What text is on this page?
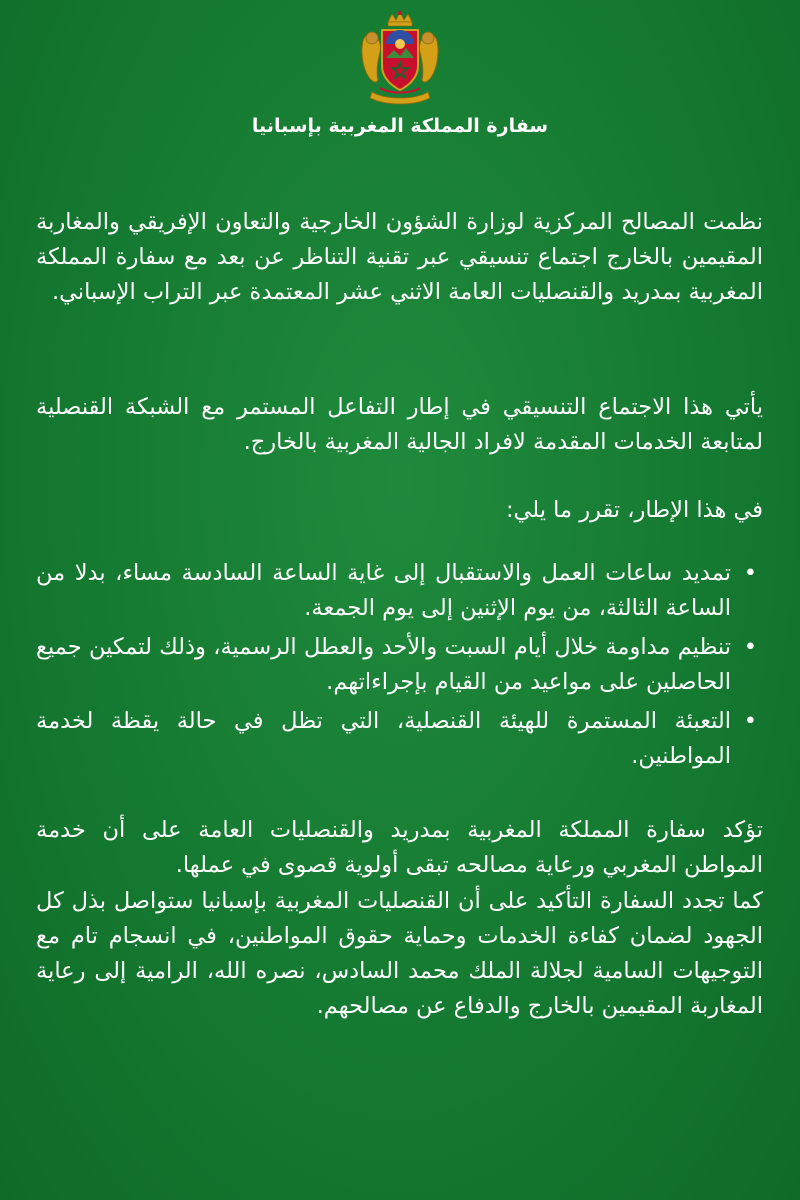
سفارة المملكة المغربية بإسبانيا

نظمت المصالح المركزية لوزارة الشؤون الخارجية والتعاون الإفريقي والمغاربة المقيمين بالخارج اجتماع تنسيقي عبر تقنية التناظر عن بعد مع سفارة المملكة المغربية بمدريد والقنصليات العامة الاثني عشر المعتمدة عبر التراب الإسباني.

يأتي هذا الاجتماع التنسيقي في إطار التفاعل المستمر مع الشبكة القنصلية لمتابعة الخدمات المقدمة لافراد الجالية المغربية بالخارج.

في هذا الإطار، تقرر ما يلي:

•
تمديد ساعات العمل والاستقبال إلى غاية الساعة السادسة مساء، بدلا من الساعة الثالثة، من يوم الإثنين إلى يوم الجمعة.
•
تنظيم مداومة خلال أيام السبت والأحد والعطل الرسمية، وذلك لتمكين جميع الحاصلين على مواعيد من القيام بإجراءاتهم.
•
التعبئة المستمرة للهيئة القنصلية، التي تظل في حالة يقظة لخدمة المواطنين.

تؤكد سفارة المملكة المغربية بمدريد والقنصليات العامة على أن خدمة المواطن المغربي ورعاية مصالحه تبقى أولوية قصوى في عملها.

كما تجدد السفارة التأكيد على أن القنصليات المغربية بإسبانيا ستواصل بذل كل الجهود لضمان كفاءة الخدمات وحماية حقوق المواطنين، في انسجام تام مع التوجيهات السامية لجلالة الملك محمد السادس، نصره الله، الرامية إلى رعاية المغاربة المقيمين بالخارج والدفاع عن مصالحهم.
